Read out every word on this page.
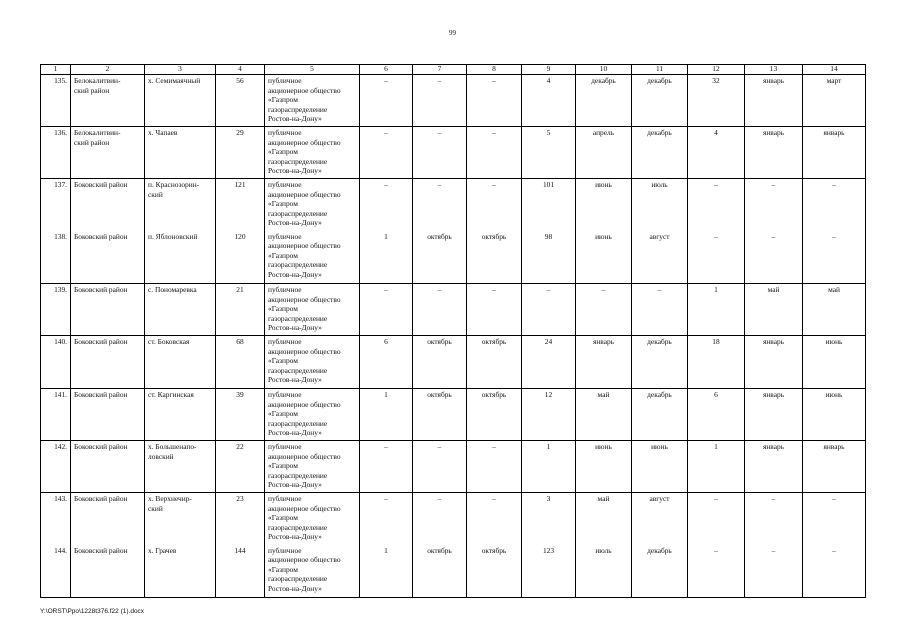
99
1	2	3	4	5	6	7	8	9	10	11	12	13	14
135.	Белокалитвин-
ский район	х. Семимаячный	56	публичное
акционерное общество
«Газпром
газораспределение
Ростов-на-Дону»	–	–	–	4	декабрь	декабрь	32	январь	март
136.	Белокалитвин-
ский район	х. Чапаев	29	публичное
акционерное общество
«Газпром
газораспределение
Ростов-на-Дону»	–	–	–	5	апрель	декабрь	4	январь	январь
137.	Боковский район	п. Краснозорин-
ский	121	публичное
акционерное общество
«Газпром
газораспределение
Ростов-на-Дону»	–	–	–	101	июнь	июль	–	–	–
138.	Боковский район	п. Яблоновский	120	публичное
акционерное общество
«Газпром
газораспределение
Ростов-на-Дону»	1	октябрь	октябрь	98	июнь	август	–	–	–
139.	Боковский район	с. Пономаревка	21	публичное
акционерное общество
«Газпром
газораспределение
Ростов-на-Дону»	–	–	–	–	–	–	1	май	май
140.	Боковский район	ст. Боковская	68	публичное
акционерное общество
«Газпром
газораспределение
Ростов-на-Дону»	6	октябрь	октябрь	24	январь	декабрь	18	январь	июнь
141.	Боковский район	ст. Каргинская	39	публичное
акционерное общество
«Газпром
газораспределение
Ростов-на-Дону»	1	октябрь	октябрь	12	май	декабрь	6	январь	июнь
142.	Боковский район	х. Большенапо-
ловский	22	публичное
акционерное общество
«Газпром
газораспределение
Ростов-на-Дону»	–	–	–	1	июнь	июнь	1	январь	январь
143.	Боковский район	х. Верхнечир-
ский	23	публичное
акционерное общество
«Газпром
газораспределение
Ростов-на-Дону»	–	–	–	3	май	август	–	–	–
144.	Боковский район	х. Грачев	144	публичное
акционерное общество
«Газпром
газораспределение
Ростов-на-Дону»	1	октябрь	октябрь	123	июль	декабрь	–	–	–
Y:\ORST\Ppo\1228t376.f22 (1).docx
